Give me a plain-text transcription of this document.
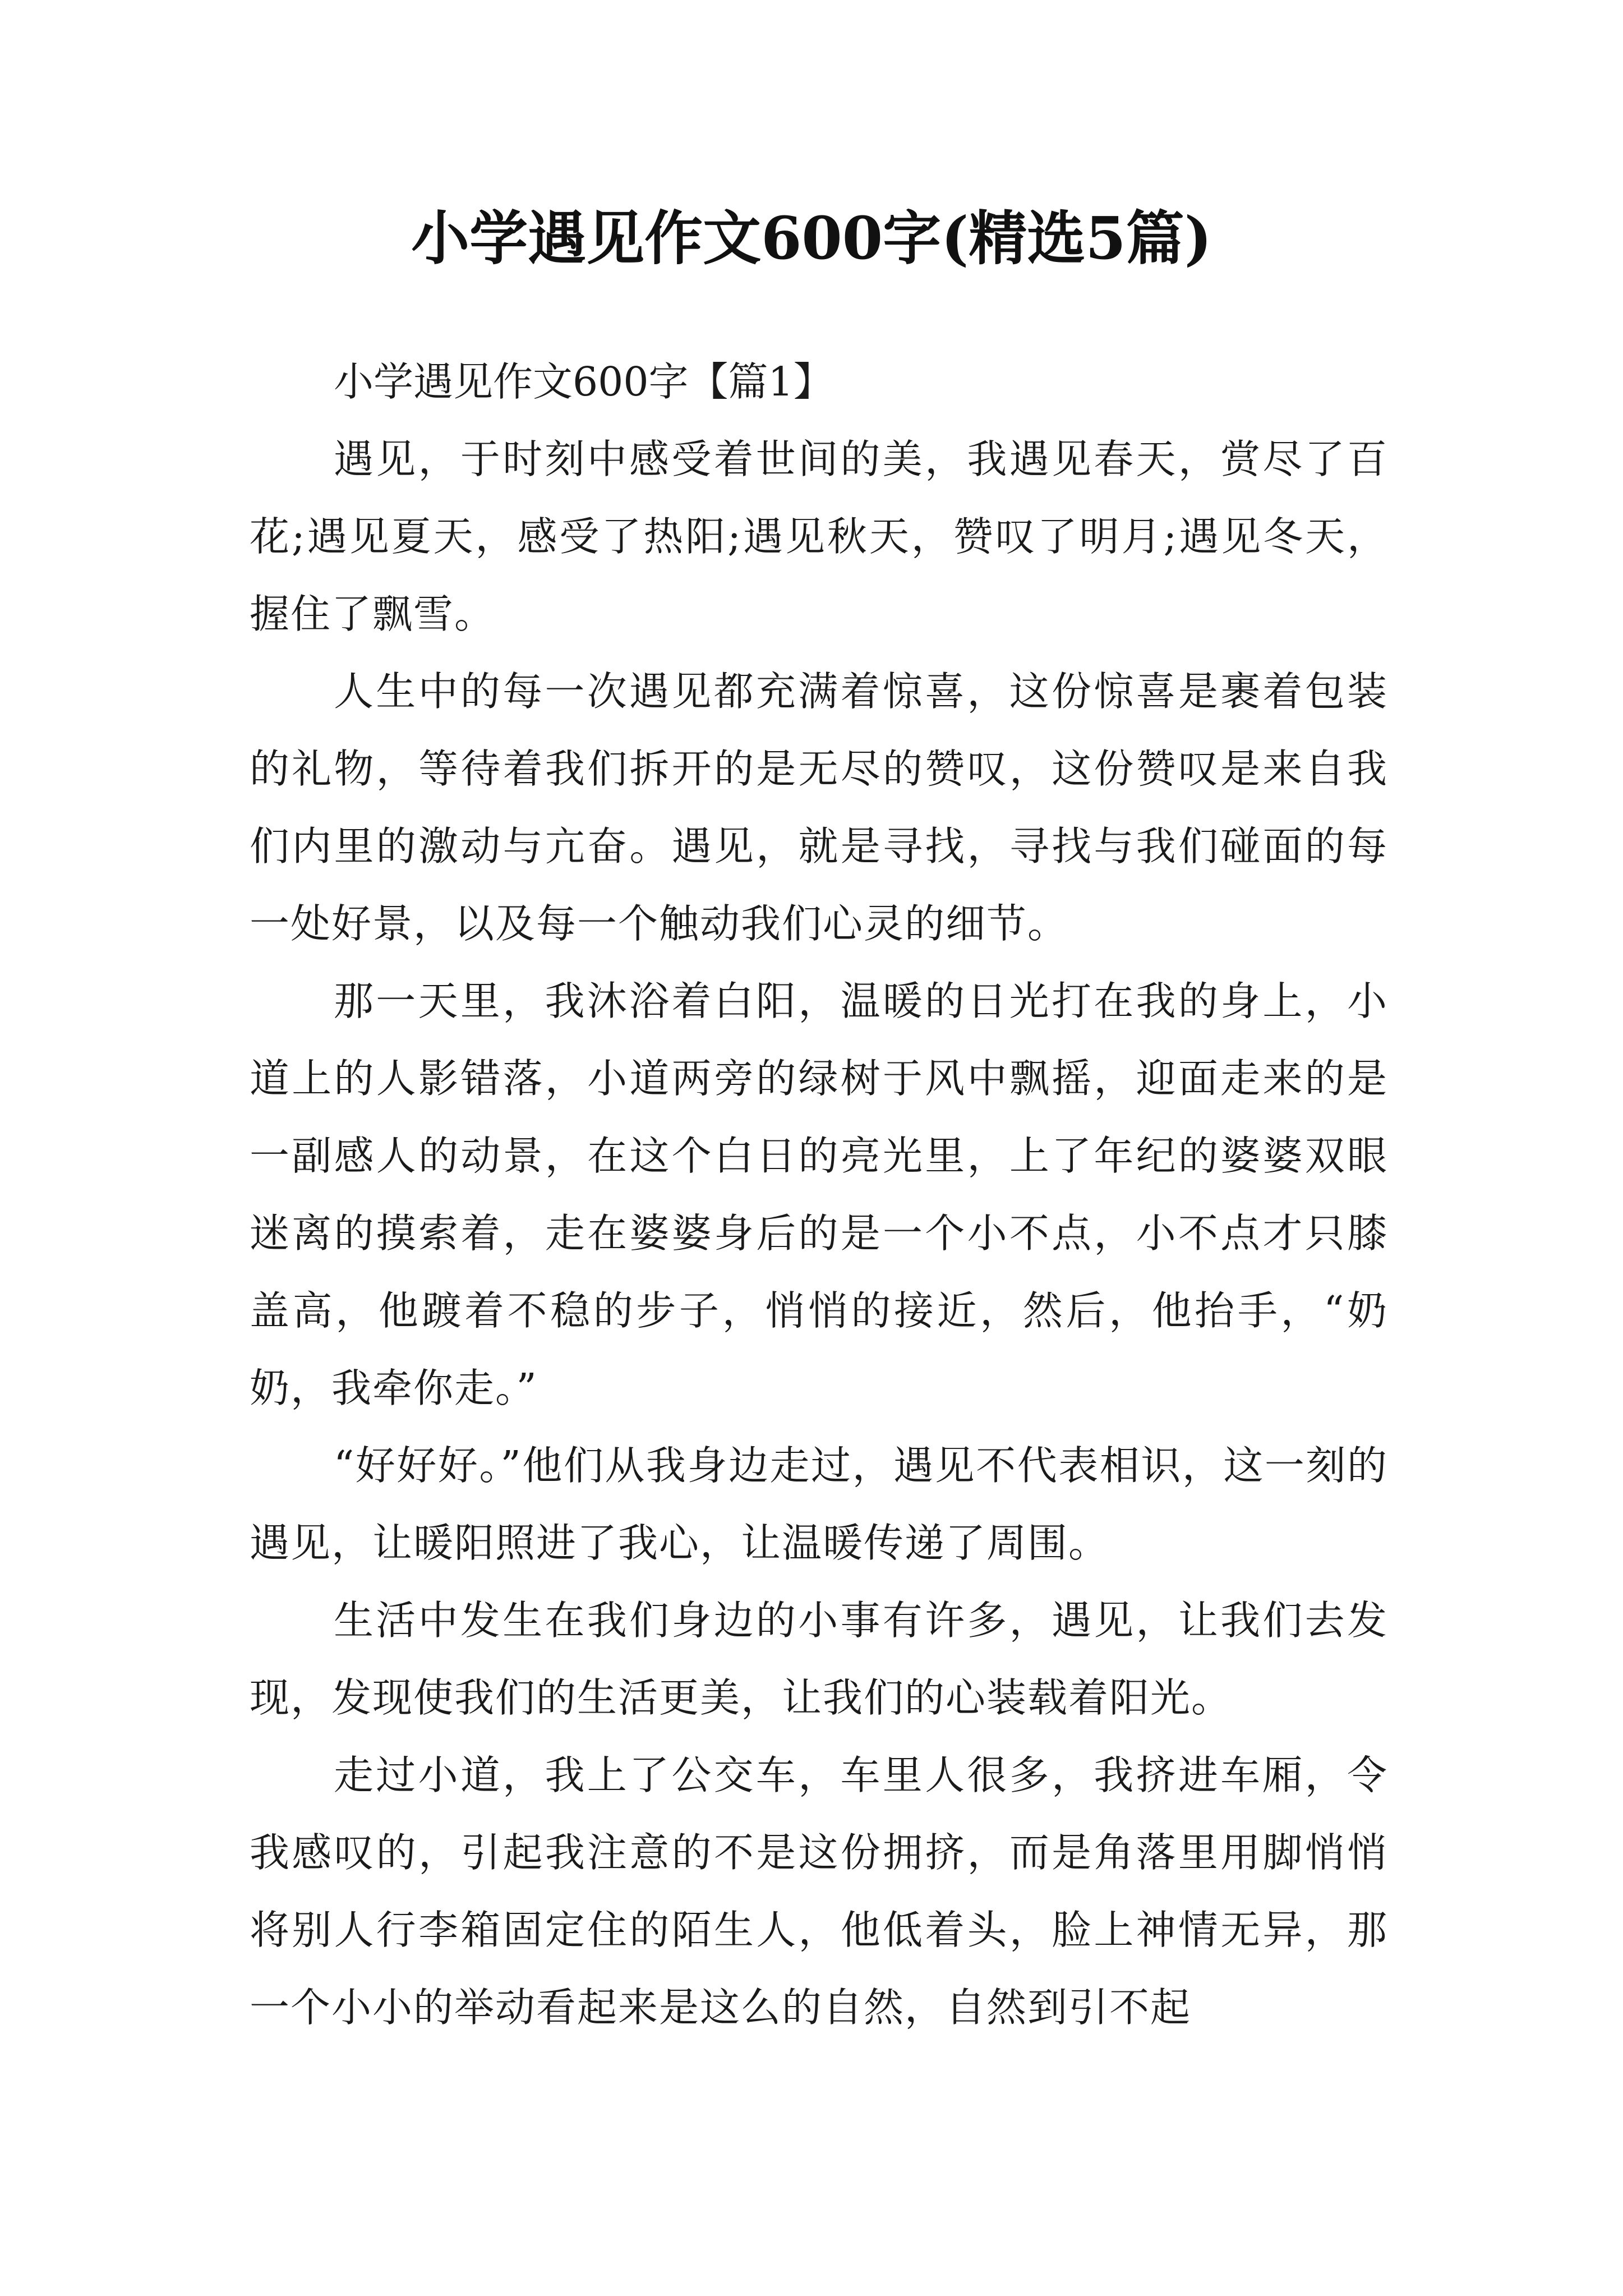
小学遇见作文600字(精选5篇)

小学遇见作文600字【篇1】

遇见，于时刻中感受着世间的美，我遇见春天，赏尽了百花;遇见夏天，感受了热阳;遇见秋天，赞叹了明月;遇见冬天，握住了飘雪。

人生中的每一次遇见都充满着惊喜，这份惊喜是裹着包装的礼物，等待着我们拆开的是无尽的赞叹，这份赞叹是来自我们内里的激动与亢奋。遇见，就是寻找，寻找与我们碰面的每一处好景，以及每一个触动我们心灵的细节。

那一天里，我沐浴着白阳，温暖的日光打在我的身上，小道上的人影错落，小道两旁的绿树于风中飘摇，迎面走来的是一副感人的动景，在这个白日的亮光里，上了年纪的婆婆双眼迷离的摸索着，走在婆婆身后的是一个小不点，小不点才只膝盖高，他踱着不稳的步子，悄悄的接近，然后，他抬手，“奶奶，我牵你走。”

“好好好。”他们从我身边走过，遇见不代表相识，这一刻的遇见，让暖阳照进了我心，让温暖传递了周围。

生活中发生在我们身边的小事有许多，遇见，让我们去发现，发现使我们的生活更美，让我们的心装载着阳光。

走过小道，我上了公交车，车里人很多，我挤进车厢，令我感叹的，引起我注意的不是这份拥挤，而是角落里用脚悄悄将别人行李箱固定住的陌生人，他低着头，脸上神情无异，那一个小小的举动看起来是这么的自然，自然到引不起
